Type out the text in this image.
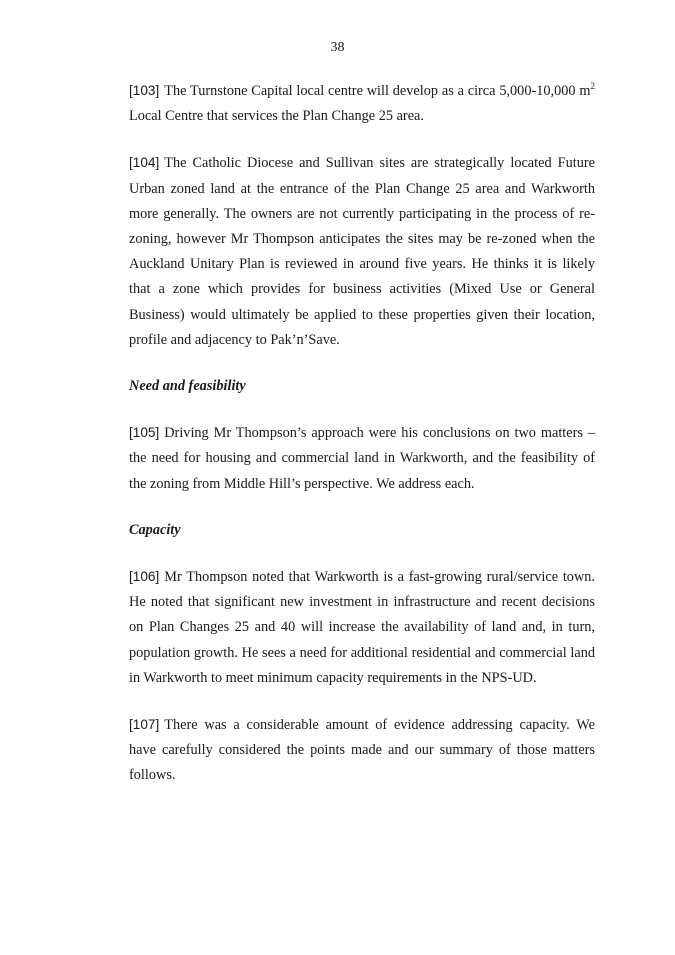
38

[103] The Turnstone Capital local centre will develop as a circa 5,000-10,000 $m^2$ Local Centre that services the Plan Change 25 area.

[104] The Catholic Diocese and Sullivan sites are strategically located Future Urban zoned land at the entrance of the Plan Change 25 area and Warkworth more generally. The owners are not currently participating in the process of re-zoning, however Mr Thompson anticipates the sites may be re-zoned when the Auckland Unitary Plan is reviewed in around five years. He thinks it is likely that a zone which provides for business activities (Mixed Use or General Business) would ultimately be applied to these properties given their location, profile and adjacency to Pak’n’Save.

Need and feasibility

[105] Driving Mr Thompson’s approach were his conclusions on two matters – the need for housing and commercial land in Warkworth, and the feasibility of the zoning from Middle Hill’s perspective. We address each.

Capacity

[106] Mr Thompson noted that Warkworth is a fast-growing rural/service town. He noted that significant new investment in infrastructure and recent decisions on Plan Changes 25 and 40 will increase the availability of land and, in turn, population growth. He sees a need for additional residential and commercial land in Warkworth to meet minimum capacity requirements in the NPS-UD.

[107] There was a considerable amount of evidence addressing capacity. We have carefully considered the points made and our summary of those matters follows.
